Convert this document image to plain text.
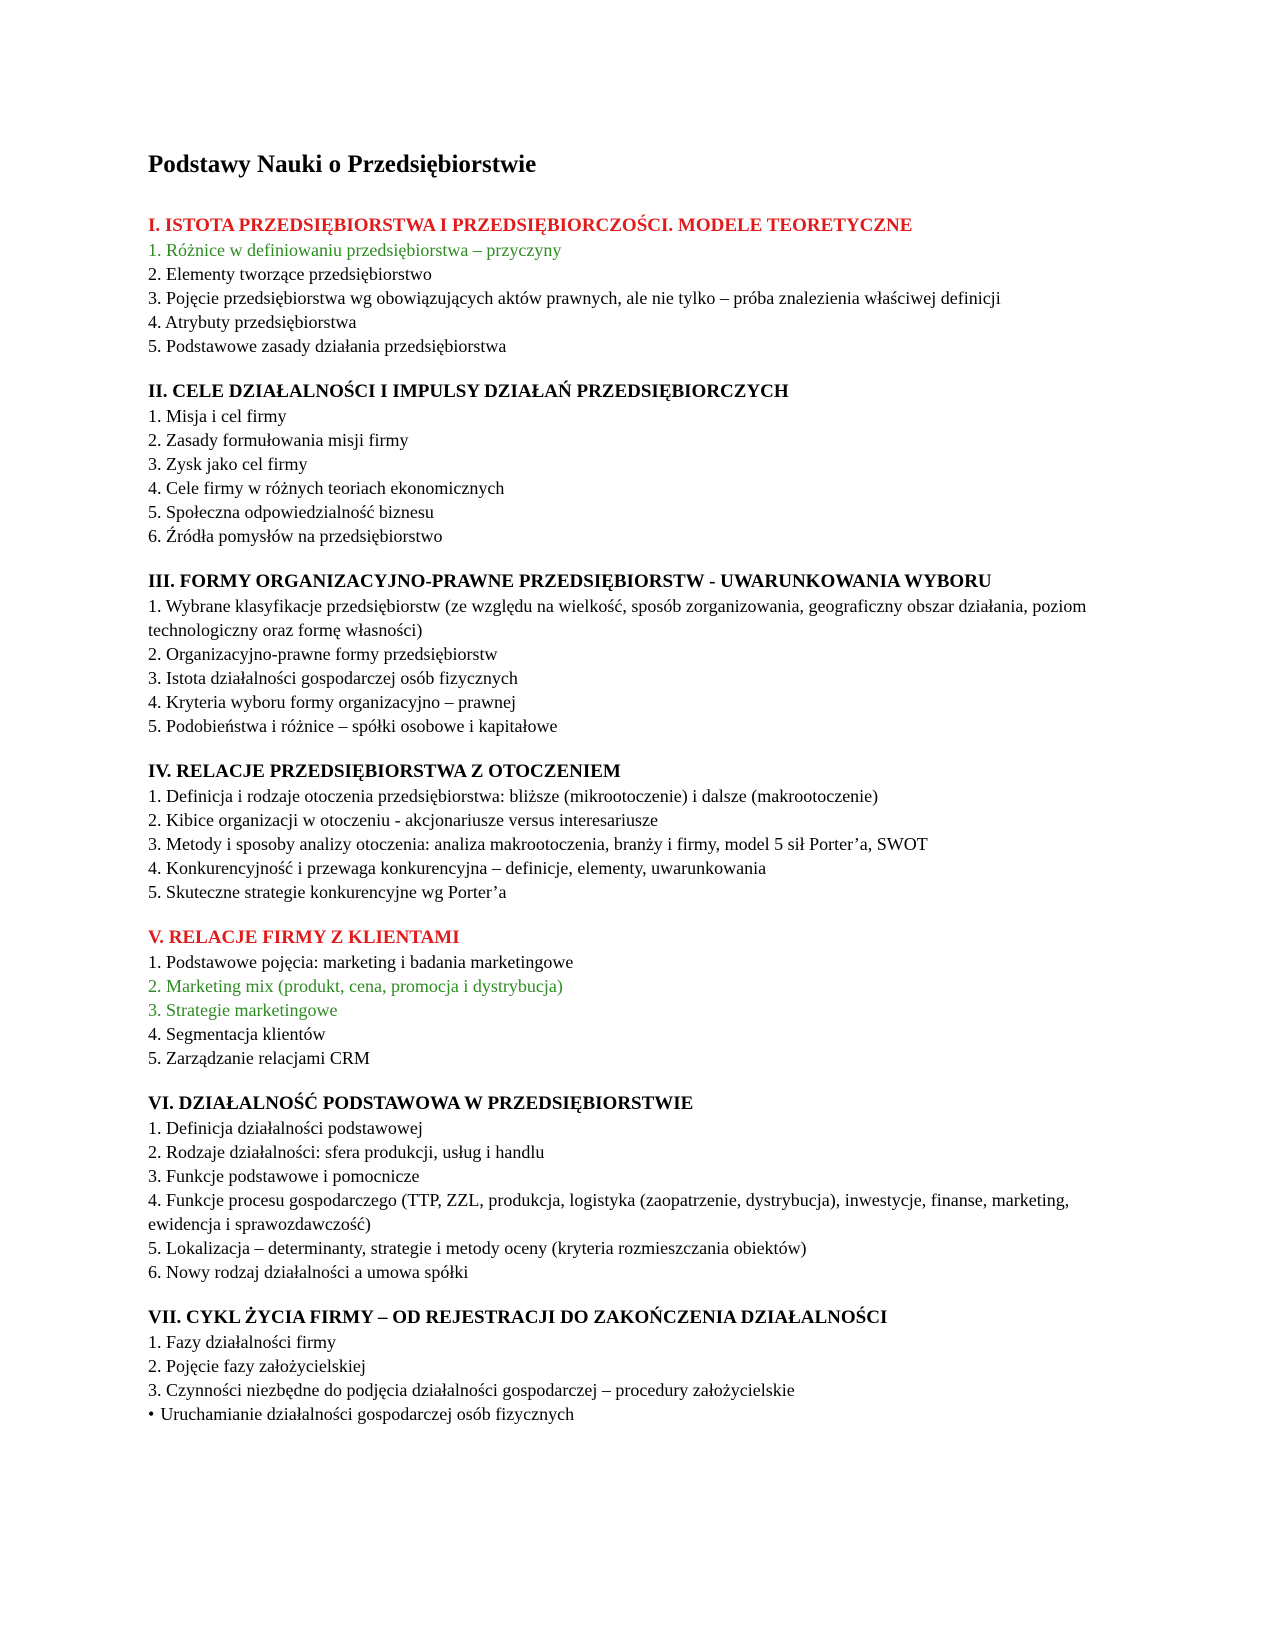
Podstawy Nauki o Przedsiębiorstwie

I. ISTOTA PRZEDSIĘBIORSTWA I PRZEDSIĘBIORCZOŚCI. MODELE TEORETYCZNE

1. Różnice w definiowaniu przedsiębiorstwa – przyczyny

2. Elementy tworzące przedsiębiorstwo

3. Pojęcie przedsiębiorstwa wg obowiązujących aktów prawnych, ale nie tylko – próba znalezienia właściwej definicji

4. Atrybuty przedsiębiorstwa

5. Podstawowe zasady działania przedsiębiorstwa

II. CELE DZIAŁALNOŚCI I IMPULSY DZIAŁAŃ PRZEDSIĘBIORCZYCH

1. Misja i cel firmy

2. Zasady formułowania misji firmy

3. Zysk jako cel firmy

4. Cele firmy w różnych teoriach ekonomicznych

5. Społeczna odpowiedzialność biznesu

6. Źródła pomysłów na przedsiębiorstwo

III. FORMY ORGANIZACYJNO-PRAWNE PRZEDSIĘBIORSTW - UWARUNKOWANIA WYBORU

1. Wybrane klasyfikacje przedsiębiorstw (ze względu na wielkość, sposób zorganizowania, geograficzny obszar działania, poziom technologiczny oraz formę własności)

2. Organizacyjno-prawne formy przedsiębiorstw

3. Istota działalności gospodarczej osób fizycznych

4. Kryteria wyboru formy organizacyjno – prawnej

5. Podobieństwa i różnice – spółki osobowe i kapitałowe

IV. RELACJE PRZEDSIĘBIORSTWA Z OTOCZENIEM

1. Definicja i rodzaje otoczenia przedsiębiorstwa: bliższe (mikrootoczenie) i dalsze (makrootoczenie)

2. Kibice organizacji w otoczeniu - akcjonariusze versus interesariusze

3. Metody i sposoby analizy otoczenia: analiza makrootoczenia, branży i firmy, model 5 sił Porter’a, SWOT

4. Konkurencyjność i przewaga konkurencyjna – definicje, elementy, uwarunkowania

5. Skuteczne strategie konkurencyjne wg Porter’a

V. RELACJE FIRMY Z KLIENTAMI

1. Podstawowe pojęcia: marketing i badania marketingowe

2. Marketing mix (produkt, cena, promocja i dystrybucja)

3. Strategie marketingowe

4. Segmentacja klientów

5. Zarządzanie relacjami CRM

VI. DZIAŁALNOŚĆ PODSTAWOWA W PRZEDSIĘBIORSTWIE

1. Definicja działalności podstawowej

2. Rodzaje działalności: sfera produkcji, usług i handlu

3. Funkcje podstawowe i pomocnicze

4. Funkcje procesu gospodarczego (TTP, ZZL, produkcja, logistyka (zaopatrzenie, dystrybucja), inwestycje, finanse, marketing, ewidencja i sprawozdawczość)

5. Lokalizacja – determinanty, strategie i metody oceny (kryteria rozmieszczania obiektów)

6. Nowy rodzaj działalności a umowa spółki

VII. CYKL ŻYCIA FIRMY – OD REJESTRACJI DO ZAKOŃCZENIA DZIAŁALNOŚCI

1. Fazy działalności firmy

2. Pojęcie fazy założycielskiej

3. Czynności niezbędne do podjęcia działalności gospodarczej – procedury założycielskie

• Uruchamianie działalności gospodarczej osób fizycznych
